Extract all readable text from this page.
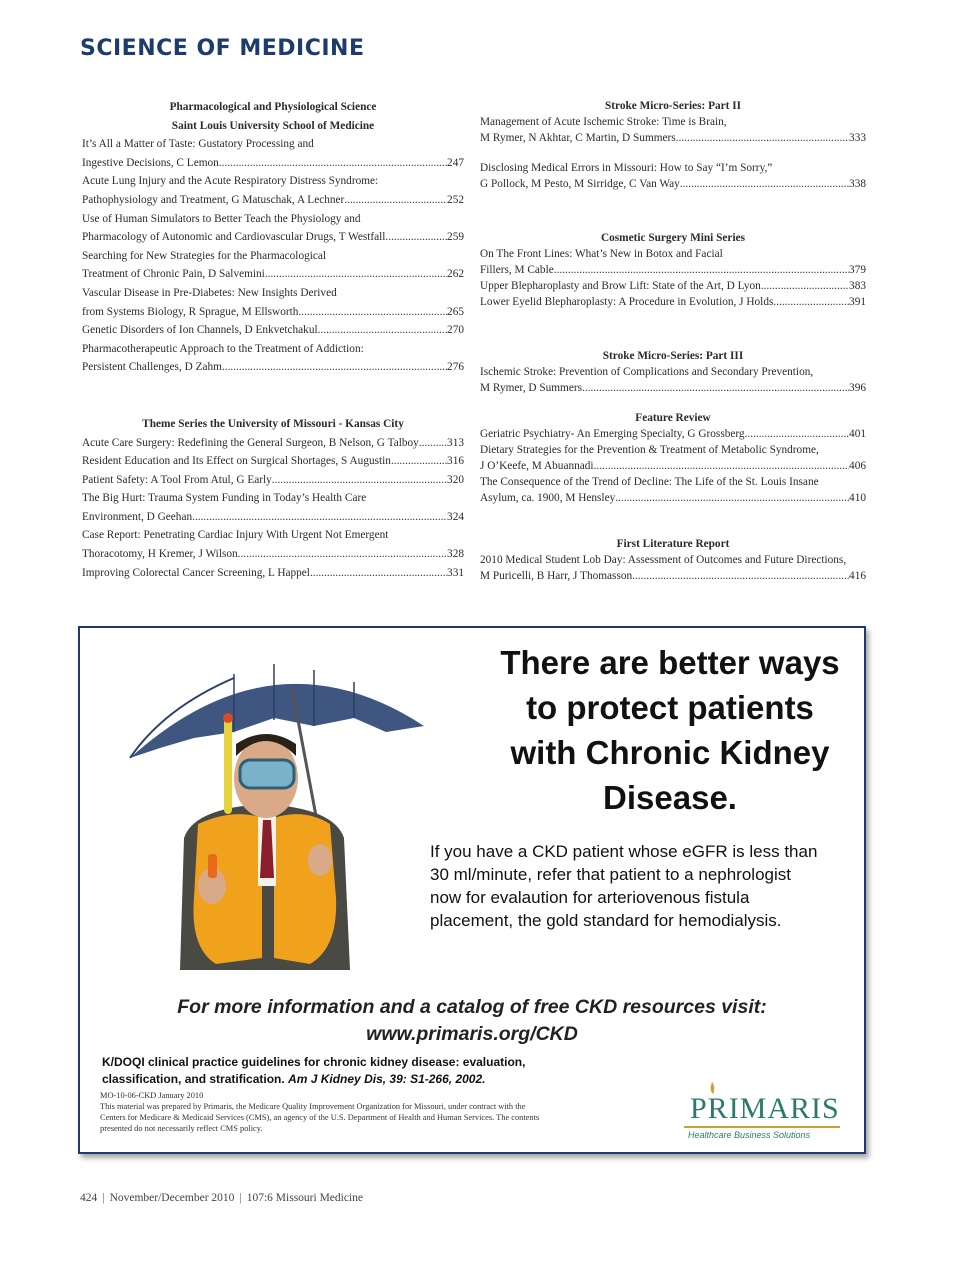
SCIENCE OF MEDICINE
Pharmacological and Physiological Science
Saint Louis University School of Medicine
It’s All a Matter of Taste: Gustatory Processing and
Ingestive Decisions, C Lemon .....	247
Acute Lung Injury and the Acute Respiratory Distress Syndrome:
Pathophysiology and Treatment, G Matuschak, A Lechner .....	252
Use of Human Simulators to Better Teach the Physiology and
Pharmacology of Autonomic and Cardiovascular Drugs, T Westfall .....	259
Searching for New Strategies for the Pharmacological
Treatment of Chronic Pain, D Salvemini .....	262
Vascular Disease in Pre-Diabetes: New Insights Derived
from Systems Biology, R Sprague, M Ellsworth .....	265
Genetic Disorders of Ion Channels, D Enkvetchakul .....	270
Pharmacotherapeutic Approach to the Treatment of Addiction:
Persistent Challenges, D Zahm .....	276
Theme Series the University of Missouri - Kansas City
Acute Care Surgery: Redefining the General Surgeon, B Nelson, G Talboy .....	313
Resident Education and Its Effect on Surgical Shortages, S Augustin .....	316
Patient Safety: A Tool From Atul, G Early .....	320
The Big Hurt: Trauma System Funding in Today’s Health Care
Environment, D Geehan .....	324
Case Report: Penetrating Cardiac Injury With Urgent Not Emergent
Thoracotomy, H Kremer, J Wilson .....	328
Improving Colorectal Cancer Screening, L Happel .....	331
Stroke Micro-Series: Part II
Management of Acute Ischemic Stroke: Time is Brain,
M Rymer, N Akhtar, C Martin, D Summers .....	333
Disclosing Medical Errors in Missouri: How to Say “I’m Sorry,”
G Pollock, M Pesto, M Sirridge, C Van Way .....	338
Cosmetic Surgery Mini Series
On The Front Lines: What’s New in Botox and Facial
Fillers, M Cable .....	379
Upper Blepharoplasty and Brow Lift: State of the Art, D Lyon .....	383
Lower Eyelid Blepharoplasty: A Procedure in Evolution, J Holds .....	391
Stroke Micro-Series: Part III
Ischemic Stroke: Prevention of Complications and Secondary Prevention,
M Rymer, D Summers .....	396
Feature Review
Geriatric Psychiatry- An Emerging Specialty, G Grossberg .....	401
Dietary Strategies for the Prevention & Treatment of Metabolic Syndrome,
J O’Keefe, M Abuannadi .....	406
The Consequence of the Trend of Decline: The Life of the St. Louis Insane
Asylum, ca. 1900, M Hensley .....	410
First Literature Report
2010 Medical Student Lob Day: Assessment of Outcomes and Future Directions,
M Puricelli, B Harr, J Thomasson .....	416
There are better ways
to protect patients
with Chronic Kidney
Disease.
If you have a CKD patient whose eGFR is less than
30 ml/minute, refer that patient to a nephrologist
now for evalaution for arteriovenous fistula
placement, the gold standard for hemodialysis.
For more information and a catalog of free CKD resources visit:
www.primaris.org/CKD
K/DOQI clinical practice guidelines for chronic kidney disease: evaluation,
classification, and stratification. Am J Kidney Dis, 39: S1-266, 2002.
MO-10-06-CKD January 2010
This material was prepared by Primaris, the Medicare Quality Improvement Organization for Missouri, under contract with the
Centers for Medicare & Medicaid Services (CMS), an agency of the U.S. Department of Health and Human Services. The contents
presented do not necessarily reflect CMS policy.
PRIMARIS
Healthcare Business Solutions
424 | November/December 2010 | 107:6 Missouri Medicine
